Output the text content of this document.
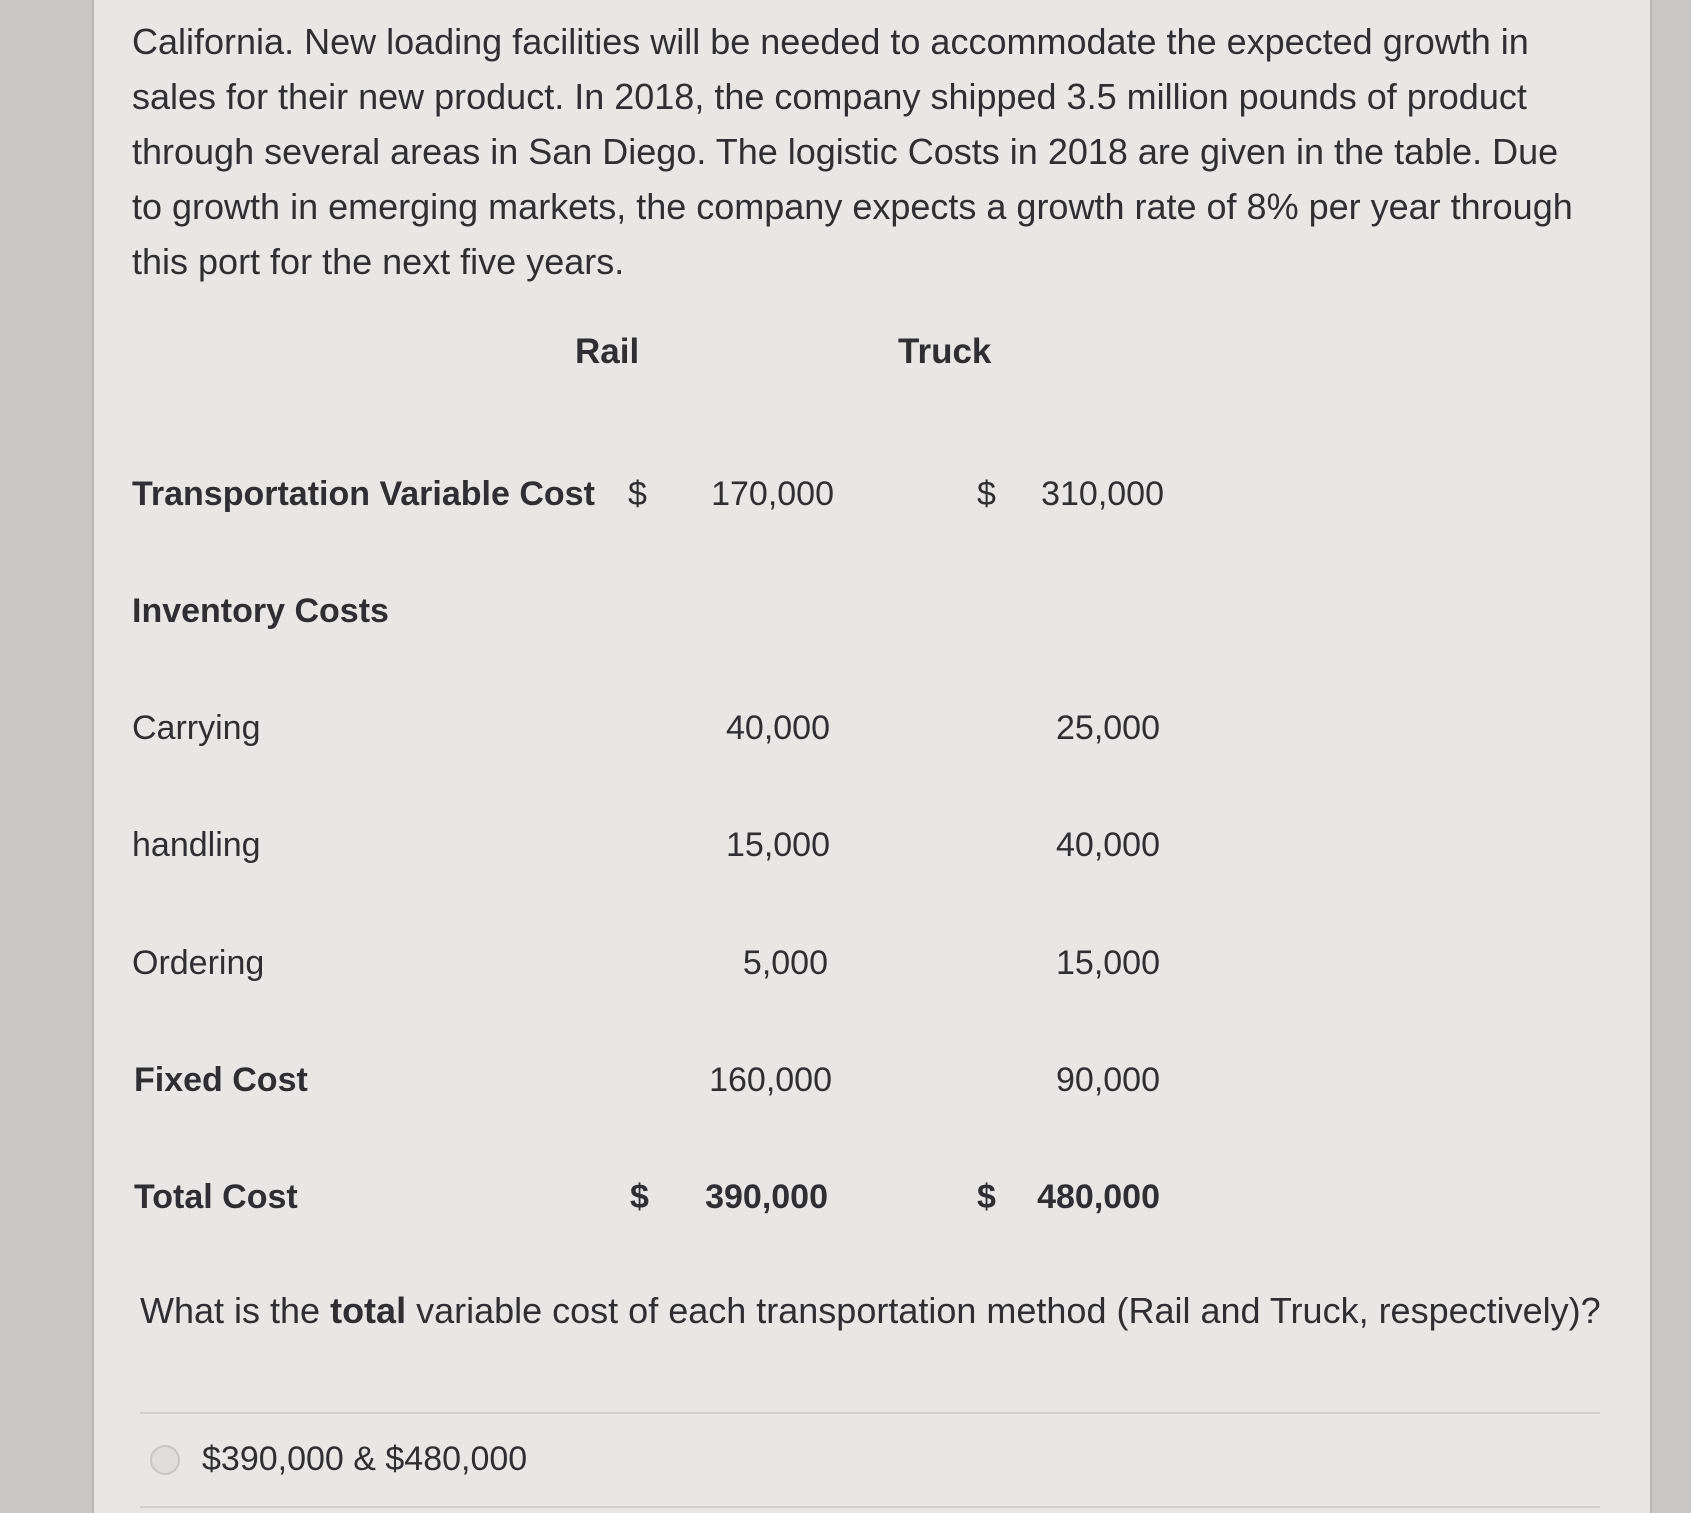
California. New loading facilities will be needed to accommodate the expected growth in sales for their new product. In 2018, the company shipped 3.5 million pounds of product through several areas in San Diego. The logistic Costs in 2018 are given in the table. Due to growth in emerging markets, the company expects a growth rate of 8% per year through this port for the next five years.

Rail	Truck
Transportation Variable Cost $	170,000	$	310,000
Inventory Costs
Carrying	40,000	25,000
handling	15,000	40,000
Ordering	5,000	15,000
Fixed Cost	160,000	90,000
Total Cost	$	390,000	$	480,000
What is the total variable cost of each transportation method (Rail and Truck, respectively)?
$390,000 & $480,000
